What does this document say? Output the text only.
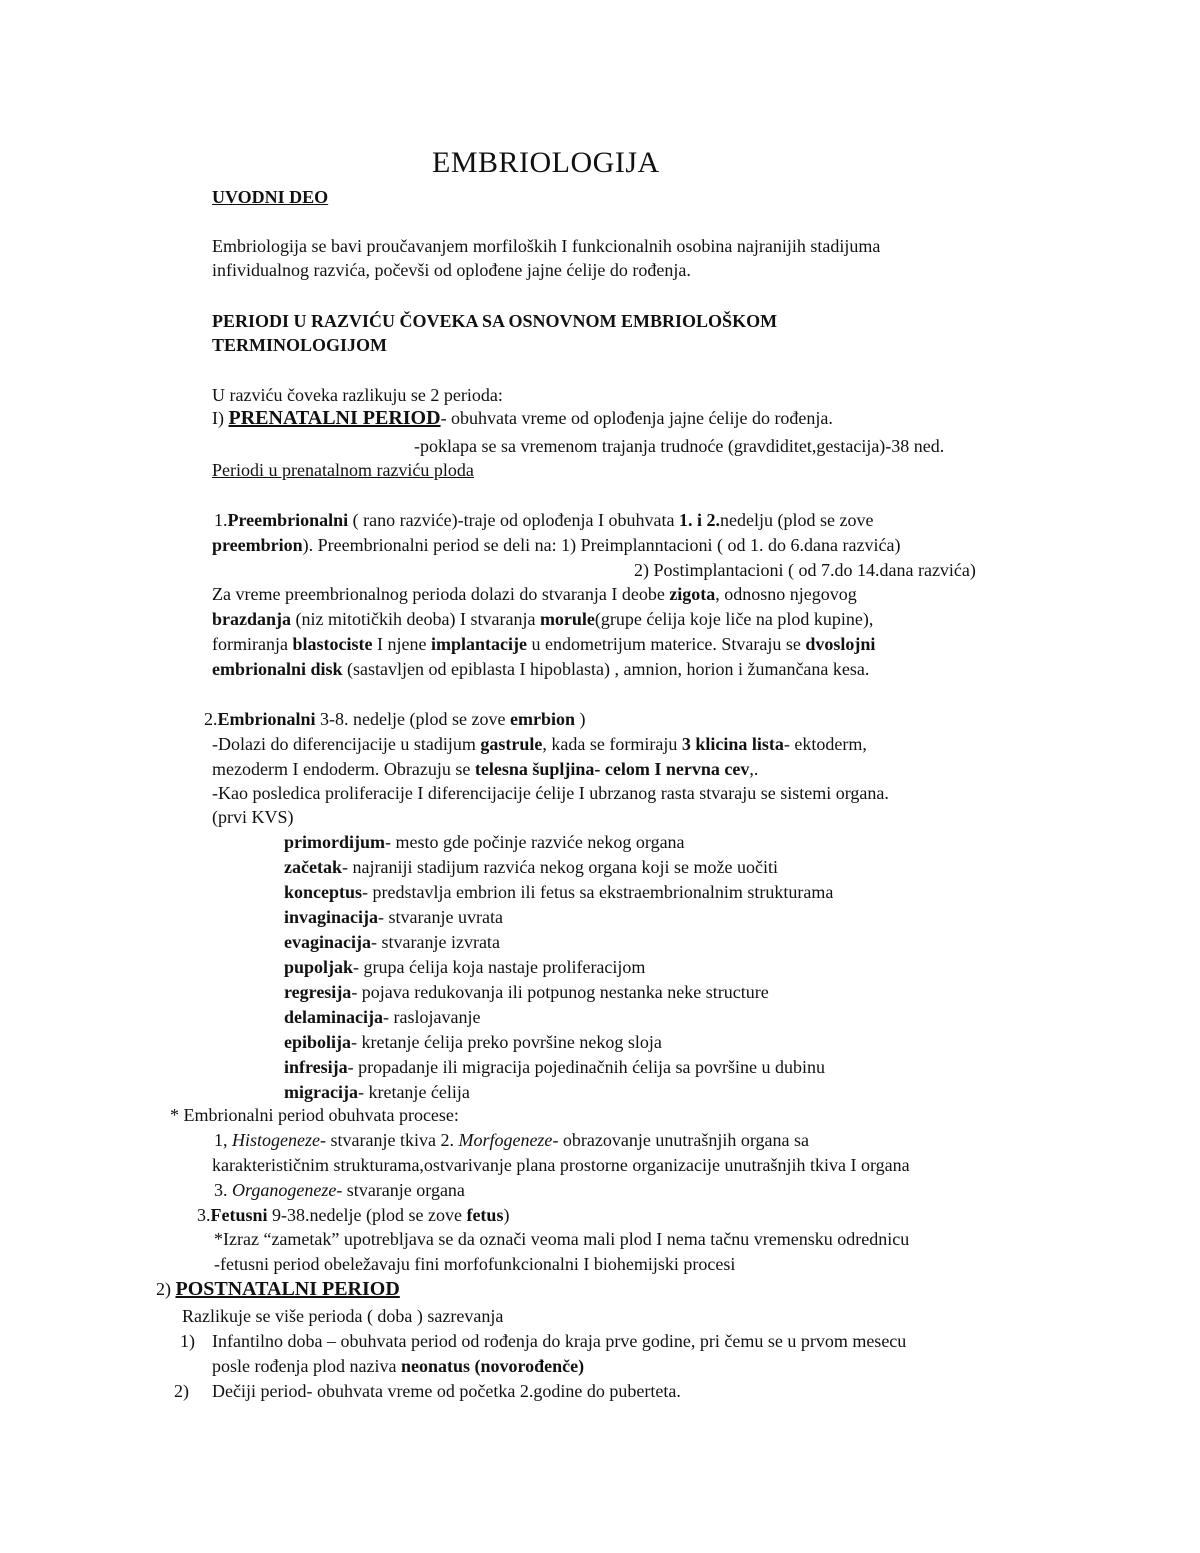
EMBRIOLOGIJA
UVODNI DEO
Embriologija se bavi proučavanjem morfiloških I funkcionalnih osobina najranijih stadijuma
infividualnog razvića, počevši od oplođene jajne ćelije do rođenja.
PERIODI U RAZVIĆU ČOVEKA SA OSNOVNOM EMBRIOLOŠKOM
TERMINOLOGIJOM
U razviću čoveka razlikuju se 2 perioda:
I) PRENATALNI PERIOD- obuhvata vreme od oplođenja jajne ćelije do rođenja.
-poklapa se sa vremenom trajanja trudnoće (gravdiditet,gestacija)-38 ned.
Periodi u prenatalnom razviću ploda
1.Preembrionalni ( rano razviće)-traje od oplođenja I obuhvata 1. i 2.nedelju (plod se zove
preembrion). Preembrionalni period se deli na: 1) Preimplanntacioni ( od 1. do 6.dana razvića)
2) Postimplantacioni ( od 7.do 14.dana razvića)
Za vreme preembrionalnog perioda dolazi do stvaranja I deobe zigota, odnosno njegovog
brazdanja (niz mitotičkih deoba) I stvaranja morule(grupe ćelija koje liče na plod kupine),
formiranja blastociste I njene implantacije u endometrijum materice. Stvaraju se dvoslojni
embrionalni disk (sastavljen od epiblasta I hipoblasta) , amnion, horion i žumančana kesa.
2.Embrionalni 3-8. nedelje (plod se zove emrbion )
-Dolazi do diferencijacije u stadijum gastrule, kada se formiraju 3 klicina lista- ektoderm,
mezoderm I endoderm. Obrazuju se telesna šupljina- celom I nervna cev,.
-Kao posledica proliferacije I diferencijacije ćelije I ubrzanog rasta stvaraju se sistemi organa.
(prvi KVS)
primordijum- mesto gde počinje razviće nekog organa
začetak- najraniji stadijum razvića nekog organa koji se može uočiti
konceptus- predstavlja embrion ili fetus sa ekstraembrionalnim strukturama
invaginacija- stvaranje uvrata
evaginacija- stvaranje izvrata
pupoljak- grupa ćelija koja nastaje proliferacijom
regresija- pojava redukovanja ili potpunog nestanka neke structure
delaminacija- raslojavanje
epibolija- kretanje ćelija preko površine nekog sloja
infresija- propadanje ili migracija pojedinačnih ćelija sa površine u dubinu
migracija- kretanje ćelija
* Embrionalni period obuhvata procese:
1, Histogeneze- stvaranje tkiva 2. Morfogeneze- obrazovanje unutrašnjih organa sa
karakterističnim strukturama,ostvarivanje plana prostorne organizacije unutrašnjih tkiva I organa
3. Organogeneze- stvaranje organa
3.Fetusni 9-38.nedelje (plod se zove fetus)
*Izraz “zametak” upotrebljava se da označi veoma mali plod I nema tačnu vremensku odrednicu
-fetusni period obeležavaju fini morfofunkcionalni I biohemijski procesi
2) POSTNATALNI PERIOD
Razlikuje se više perioda ( doba ) sazrevanja
1) Infantilno doba – obuhvata period od rođenja do kraja prve godine, pri čemu se u prvom mesecu
posle rođenja plod naziva neonatus (novorođenče)
2) Dečiji period- obuhvata vreme od početka 2.godine do puberteta.
